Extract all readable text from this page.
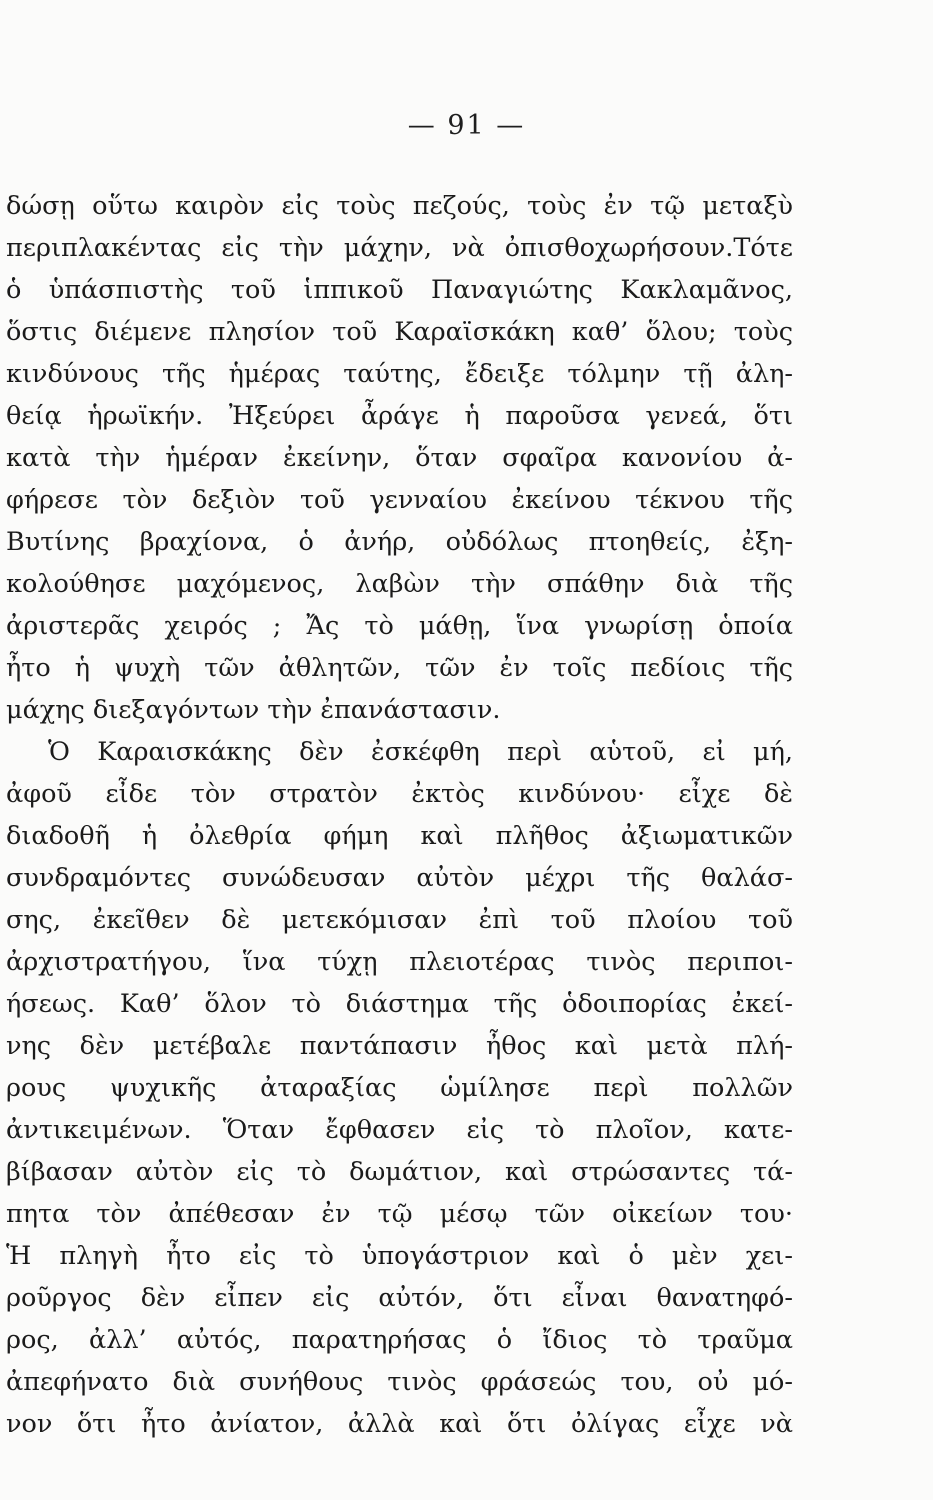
— 91 —
δώσῃ οὕτω καιρὸν εἰς τοὺς πεζούς, τοὺς ἐν τῷ μεταξὺ
περιπλακέντας εἰς τὴν μάχην, νὰ ὀπισθοχωρήσουν.Τότε
ὁ ὑπάσπιστὴς τοῦ ἱππικοῦ Παναγιώτης Κακλαμᾶνος,
ὅστις διέμενε πλησίον τοῦ Καραϊσκάκη καθ’ ὅλου; τοὺς
κινδύνους τῆς ἡμέρας ταύτης, ἔδειξε τόλμην τῇ ἀλη-
θείᾳ ἡρωϊκήν. Ἠξεύρει ἆράγε ἡ παροῦσα γενεά, ὅτι
κατὰ τὴν ἡμέραν ἐκείνην, ὅταν σφαῖρα κανονίου ἀ-
φήρεσε τὸν δεξιὸν τοῦ γενναίου ἐκείνου τέκνου τῆς
Βυτίνης βραχίονα, ὁ ἀνήρ, οὐδόλως πτοηθείς, ἐξη-
κολούθησε μαχόμενος, λαβὼν τὴν σπάθην διὰ τῆς
ἀριστερᾶς χειρός ; Ἄς τὸ μάθῃ, ἵνα γνωρίσῃ ὁποία
ἦτο ἡ ψυχὴ τῶν ἀθλητῶν, τῶν ἐν τοῖς πεδίοις τῆς
μάχης διεξαγόντων τὴν ἐπανάστασιν.
Ὁ Καραισκάκης δὲν ἐσκέφθη περὶ αὑτοῦ, εἰ μή,
ἀφοῦ εἶδε τὸν στρατὸν ἐκτὸς κινδύνου· εἶχε δὲ
διαδοθῆ ἡ ὀλεθρία φήμη καὶ πλῆθος ἀξιωματικῶν
συνδραμόντες συνώδευσαν αὐτὸν μέχρι τῆς θαλάσ-
σης, ἐκεῖθεν δὲ μετεκόμισαν ἐπὶ τοῦ πλοίου τοῦ
ἀρχιστρατήγου, ἵνα τύχῃ πλειοτέρας τινὸς περιποι-
ήσεως. Καθ’ ὅλον τὸ διάστημα τῆς ὁδοιπορίας ἐκεί-
νης δὲν μετέβαλε παντάπασιν ἦθος καὶ μετὰ πλή-
ρους ψυχικῆς ἀταραξίας ὡμίλησε περὶ πολλῶν
ἀντικειμένων. Ὅταν ἔφθασεν εἰς τὸ πλοῖον, κατε-
βίβασαν αὐτὸν εἰς τὸ δωμάτιον, καὶ στρώσαντες τά-
πητα τὸν ἀπέθεσαν ἐν τῷ μέσῳ τῶν οἰκείων του·
Ἡ πληγὴ ἦτο εἰς τὸ ὑπογάστριον καὶ ὁ μὲν χει-
ροῦργος δὲν εἶπεν εἰς αὐτόν, ὅτι εἶναι θανατηφό-
ρος, ἀλλ’ αὐτός, παρατηρήσας ὁ ἴδιος τὸ τραῦμα
ἀπεφήνατο διὰ συνήθους τινὸς φράσεώς του, οὐ μό-
νον ὅτι ἦτο ἀνίατον, ἀλλὰ καὶ ὅτι ὀλίγας εἶχε νὰ
